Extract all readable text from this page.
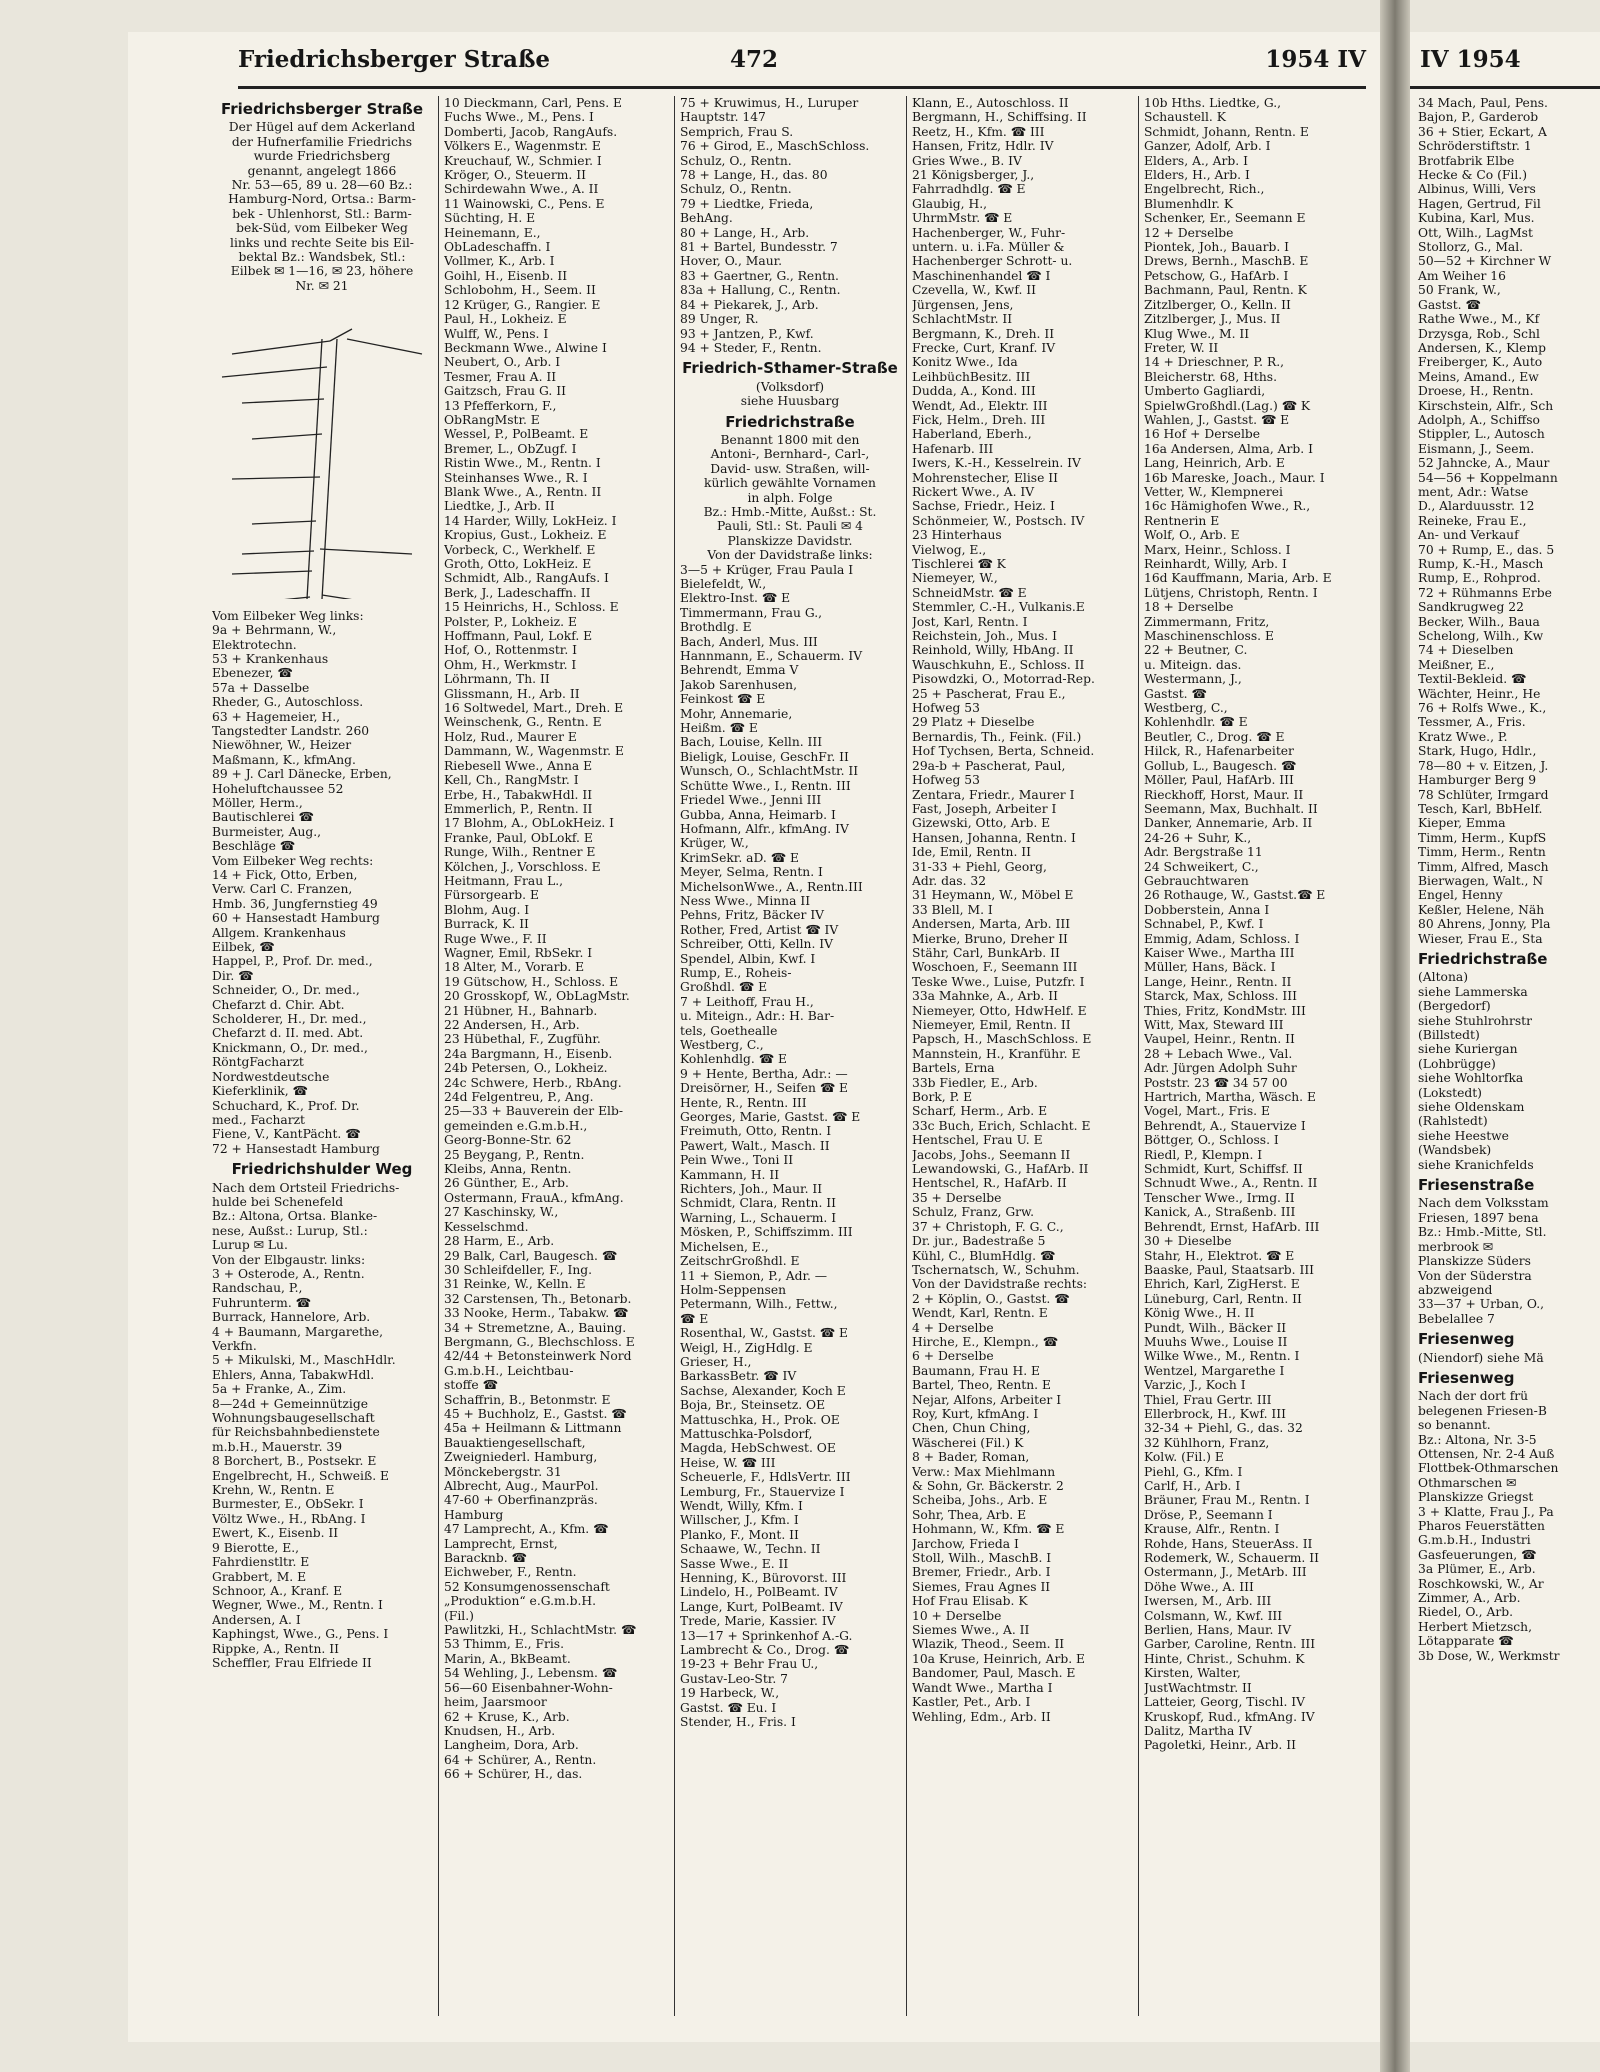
Friedrichsberger Straße	472	1954 IV
Friedrichsberger Straße
Der Hügel auf dem Ackerland
der Hufnerfamilie Friedrichs
wurde Friedrichsberg
genannt, angelegt 1866
Nr. 53—65, 89 u. 28—60 Bz.:
Hamburg-Nord, Ortsa.: Barm-
bek - Uhlenhorst, Stl.: Barm-
bek-Süd, vom Eilbeker Weg
links und rechte Seite bis Eil-
bektal Bz.: Wandsbek, Stl.:
Eilbek ✉ 1—16, ✉ 23, höhere
Nr. ✉ 21
Vom Eilbeker Weg links:
9a + Behrmann, W.,
Elektrotechn.
53 + Krankenhaus
Ebenezer, ☎
57a + Dasselbe
Rheder, G., Autoschloss.
63 + Hagemeier, H.,
Tangstedter Landstr. 260
Niewöhner, W., Heizer
Maßmann, K., kfmAng.
89 + J. Carl Dänecke, Erben,
Hoheluftchaussee 52
Möller, Herm.,
Bautischlerei ☎
Burmeister, Aug.,
Beschläge ☎
Vom Eilbeker Weg rechts:
14 + Fick, Otto, Erben,
Verw. Carl C. Franzen,
Hmb. 36, Jungfernstieg 49
60 + Hansestadt Hamburg
Allgem. Krankenhaus
Eilbek, ☎
Happel, P., Prof. Dr. med.,
Dir. ☎
Schneider, O., Dr. med.,
Chefarzt d. Chir. Abt.
Scholderer, H., Dr. med.,
Chefarzt d. II. med. Abt.
Knickmann, O., Dr. med.,
RöntgFacharzt
Nordwestdeutsche
Kieferklinik, ☎
Schuchard, K., Prof. Dr.
med., Facharzt
Fiene, V., KantPächt. ☎
72 + Hansestadt Hamburg
Friedrichshulder Weg
Nach dem Ortsteil Friedrichs-
hulde bei Schenefeld
Bz.: Altona, Ortsa. Blanke-
nese, Außst.: Lurup, Stl.:
Lurup ✉ Lu.
Von der Elbgaustr. links:
3 + Osterode, A., Rentn.
Randschau, P.,
Fuhrunterm. ☎
Burrack, Hannelore, Arb.
4 + Baumann, Margarethe,
Verkfn.
5 + Mikulski, M., MaschHdlr.
Ehlers, Anna, TabakwHdl.
5a + Franke, A., Zim.
8—24d + Gemeinnützige
Wohnungsbaugesellschaft
für Reichsbahnbedienstete
m.b.H., Mauerstr. 39
8 Borchert, B., Postsekr. E
Engelbrecht, H., Schweiß. E
Krehn, W., Rentn. E
Burmester, E., ObSekr. I
Völtz Wwe., H., RbAng. I
Ewert, K., Eisenb. II
9 Bierotte, E.,
Fahrdienstltr. E
Grabbert, M. E
Schnoor, A., Kranf. E
Wegner, Wwe., M., Rentn. I
Andersen, A. I
Kaphingst, Wwe., G., Pens. I
Rippke, A., Rentn. II
Scheffler, Frau Elfriede II
10 Dieckmann, Carl, Pens. E
Fuchs Wwe., M., Pens. I
Domberti, Jacob, RangAufs.
Völkers E., Wagenmstr. E
Kreuchauf, W., Schmier. I
Kröger, O., Steuerm. II
Schirdewahn Wwe., A. II
11 Wainowski, C., Pens. E
Süchting, H. E
Heinemann, E.,
ObLadeschaffn. I
Vollmer, K., Arb. I
Goihl, H., Eisenb. II
Schlobohm, H., Seem. II
12 Krüger, G., Rangier. E
Paul, H., Lokheiz. E
Wulff, W., Pens. I
Beckmann Wwe., Alwine I
Neubert, O., Arb. I
Tesmer, Frau A. II
Gaitzsch, Frau G. II
13 Pfefferkorn, F.,
ObRangMstr. E
Wessel, P., PolBeamt. E
Bremer, L., ObZugf. I
Ristin Wwe., M., Rentn. I
Steinhanses Wwe., R. I
Blank Wwe., A., Rentn. II
Liedtke, J., Arb. II
14 Harder, Willy, LokHeiz. I
Kropius, Gust., Lokheiz. E
Vorbeck, C., Werkhelf. E
Groth, Otto, LokHeiz. E
Schmidt, Alb., RangAufs. I
Berk, J., Ladeschaffn. II
15 Heinrichs, H., Schloss. E
Polster, P., Lokheiz. E
Hoffmann, Paul, Lokf. E
Hof, O., Rottenmstr. I
Ohm, H., Werkmstr. I
Löhrmann, Th. II
Glissmann, H., Arb. II
16 Soltwedel, Mart., Dreh. E
Weinschenk, G., Rentn. E
Holz, Rud., Maurer E
Dammann, W., Wagenmstr. E
Riebesell Wwe., Anna E
Kell, Ch., RangMstr. I
Erbe, H., TabakwHdl. II
Emmerlich, P., Rentn. II
17 Blohm, A., ObLokHeiz. I
Franke, Paul, ObLokf. E
Runge, Wilh., Rentner E
Kölchen, J., Vorschloss. E
Heitmann, Frau L.,
Fürsorgearb. E
Blohm, Aug. I
Burrack, K. II
Ruge Wwe., F. II
Wagner, Emil, RbSekr. I
18 Alter, M., Vorarb. E
19 Gütschow, H., Schloss. E
20 Grosskopf, W., ObLagMstr.
21 Hübner, H., Bahnarb.
22 Andersen, H., Arb.
23 Hübethal, F., Zugführ.
24a Bargmann, H., Eisenb.
24b Petersen, O., Lokheiz.
24c Schwere, Herb., RbAng.
24d Felgentreu, P., Ang.
25—33 + Bauverein der Elb-
gemeinden e.G.m.b.H.,
Georg-Bonne-Str. 62
25 Beygang, P., Rentn.
Kleibs, Anna, Rentn.
26 Günther, E., Arb.
Ostermann, FrauA., kfmAng.
27 Kaschinsky, W.,
Kesselschmd.
28 Harm, E., Arb.
29 Balk, Carl, Baugesch. ☎
30 Schleifdeller, F., Ing.
31 Reinke, W., Kelln. E
32 Carstensen, Th., Betonarb.
33 Nooke, Herm., Tabakw. ☎
34 + Stremetzne, A., Bauing.
Bergmann, G., Blechschloss. E
42/44 + Betonsteinwerk Nord
G.m.b.H., Leichtbau-
stoffe ☎
Schaffrin, B., Betonmstr. E
45 + Buchholz, E., Gastst. ☎
45a + Heilmann & Littmann
Bauaktiengesellschaft,
Zweigniederl. Hamburg,
Mönckebergstr. 31
Albrecht, Aug., MaurPol.
47-60 + Oberfinanzpräs.
Hamburg
47 Lamprecht, A., Kfm. ☎
Lamprecht, Ernst,
Baracknb. ☎
Eichweber, F., Rentn.
52 Konsumgenossenschaft
„Produktion“ e.G.m.b.H.
(Fil.)
Pawlitzki, H., SchlachtMstr. ☎
53 Thimm, E., Fris.
Marin, A., BkBeamt.
54 Wehling, J., Lebensm. ☎
56—60 Eisenbahner-Wohn-
heim, Jaarsmoor
62 + Kruse, K., Arb.
Knudsen, H., Arb.
Langheim, Dora, Arb.
64 + Schürer, A., Rentn.
66 + Schürer, H., das.
75 + Kruwimus, H., Luruper
Hauptstr. 147
Semprich, Frau S.
76 + Girod, E., MaschSchloss.
Schulz, O., Rentn.
78 + Lange, H., das. 80
Schulz, O., Rentn.
79 + Liedtke, Frieda,
BehAng.
80 + Lange, H., Arb.
81 + Bartel, Bundesstr. 7
Hover, O., Maur.
83 + Gaertner, G., Rentn.
83a + Hallung, C., Rentn.
84 + Piekarek, J., Arb.
89 Unger, R.
93 + Jantzen, P., Kwf.
94 + Steder, F., Rentn.
Friedrich-Sthamer-Straße
(Volksdorf)
siehe Huusbarg
Friedrichstraße
Benannt 1800 mit den
Antoni-, Bernhard-, Carl-,
David- usw. Straßen, will-
kürlich gewählte Vornamen
in alph. Folge
Bz.: Hmb.-Mitte, Außst.: St.
Pauli, Stl.: St. Pauli ✉ 4
Planskizze Davidstr.
Von der Davidstraße links:
3—5 + Krüger, Frau Paula I
Bielefeldt, W.,
Elektro-Inst. ☎ E
Timmermann, Frau G.,
Brothdlg. E
Bach, Anderl, Mus. III
Hannmann, E., Schauerm. IV
Behrendt, Emma V
Jakob Sarenhusen,
Feinkost ☎ E
Mohr, Annemarie,
Heißm. ☎ E
Bach, Louise, Kelln. III
Bieligk, Louise, GeschFr. II
Wunsch, O., SchlachtMstr. II
Schütte Wwe., I., Rentn. III
Friedel Wwe., Jenni III
Gubba, Anna, Heimarb. I
Hofmann, Alfr., kfmAng. IV
Krüger, W.,
KrimSekr. aD. ☎ E
Meyer, Selma, Rentn. I
MichelsonWwe., A., Rentn.III
Ness Wwe., Minna II
Pehns, Fritz, Bäcker IV
Rother, Fred, Artist ☎ IV
Schreiber, Otti, Kelln. IV
Spendel, Albin, Kwf. I
Rump, E., Roheis-
Großhdl. ☎ E
7 + Leithoff, Frau H.,
u. Miteign., Adr.: H. Bar-
tels, Goethealle
Westberg, C.,
Kohlenhdlg. ☎ E
9 + Hente, Bertha, Adr.: —
Dreisörner, H., Seifen ☎ E
Hente, R., Rentn. III
Georges, Marie, Gastst. ☎ E
Freimuth, Otto, Rentn. I
Pawert, Walt., Masch. II
Pein Wwe., Toni II
Kammann, H. II
Richters, Joh., Maur. II
Schmidt, Clara, Rentn. II
Warning, L., Schauerm. I
Mösken, P., Schiffszimm. III
Michelsen, E.,
ZeitschrGroßhdl. E
11 + Siemon, P., Adr. —
Holm-Seppensen
Petermann, Wilh., Fettw.,
☎ E
Rosenthal, W., Gastst. ☎ E
Weigl, H., ZigHdlg. E
Grieser, H.,
BarkassBetr. ☎ IV
Sachse, Alexander, Koch E
Boja, Br., Steinsetz. OE
Mattuschka, H., Prok. OE
Mattuschka-Polsdorf,
Magda, HebSchwest. OE
Heise, W. ☎ III
Scheuerle, F., HdlsVertr. III
Lemburg, Fr., Stauervize I
Wendt, Willy, Kfm. I
Willscher, J., Kfm. I
Planko, F., Mont. II
Schaawe, W., Techn. II
Sasse Wwe., E. II
Henning, K., Bürovorst. III
Lindelo, H., PolBeamt. IV
Lange, Kurt, PolBeamt. IV
Trede, Marie, Kassier. IV
13—17 + Sprinkenhof A.-G.
Lambrecht & Co., Drog. ☎
19-23 + Behr Frau U.,
Gustav-Leo-Str. 7
19 Harbeck, W.,
Gastst. ☎ Eu. I
Stender, H., Fris. I
Klann, E., Autoschloss. II
Bergmann, H., Schiffsing. II
Reetz, H., Kfm. ☎ III
Hansen, Fritz, Hdlr. IV
Gries Wwe., B. IV
21 Königsberger, J.,
Fahrradhdlg. ☎ E
Glaubig, H.,
UhrmMstr. ☎ E
Hachenberger, W., Fuhr-
untern. u. i.Fa. Müller &
Hachenberger Schrott- u.
Maschinenhandel ☎ I
Czevella, W., Kwf. II
Jürgensen, Jens,
SchlachtMstr. II
Bergmann, K., Dreh. II
Frecke, Curt, Kranf. IV
Konitz Wwe., Ida
LeihbüchBesitz. III
Dudda, A., Kond. III
Wendt, Ad., Elektr. III
Fick, Helm., Dreh. III
Haberland, Eberh.,
Hafenarb. III
Iwers, K.-H., Kesselrein. IV
Mohrenstecher, Elise II
Rickert Wwe., A. IV
Sachse, Friedr., Heiz. I
Schönmeier, W., Postsch. IV
23 Hinterhaus
Vielwog, E.,
Tischlerei ☎ K
Niemeyer, W.,
SchneidMstr. ☎ E
Stemmler, C.-H., Vulkanis.E
Jost, Karl, Rentn. I
Reichstein, Joh., Mus. I
Reinhold, Willy, HbAng. II
Wauschkuhn, E., Schloss. II
Pisowdzki, O., Motorrad-Rep.
25 + Pascherat, Frau E.,
Hofweg 53
29 Platz + Dieselbe
Bernardis, Th., Feink. (Fil.)
Hof Tychsen, Berta, Schneid.
29a-b + Pascherat, Paul,
Hofweg 53
Zentara, Friedr., Maurer I
Fast, Joseph, Arbeiter I
Gizewski, Otto, Arb. E
Hansen, Johanna, Rentn. I
Ide, Emil, Rentn. II
31-33 + Piehl, Georg,
Adr. das. 32
31 Heymann, W., Möbel E
33 Blell, M. I
Andersen, Marta, Arb. III
Mierke, Bruno, Dreher II
Stähr, Carl, BunkArb. II
Woschoen, F., Seemann III
Teske Wwe., Luise, Putzfr. I
33a Mahnke, A., Arb. II
Niemeyer, Otto, HdwHelf. E
Niemeyer, Emil, Rentn. II
Papsch, H., MaschSchloss. E
Mannstein, H., Kranführ. E
Bartels, Erna
33b Fiedler, E., Arb.
Bork, P. E
Scharf, Herm., Arb. E
33c Buch, Erich, Schlacht. E
Hentschel, Frau U. E
Jacobs, Johs., Seemann II
Lewandowski, G., HafArb. II
Hentschel, R., HafArb. II
35 + Derselbe
Schulz, Franz, Grw.
37 + Christoph, F. G. C.,
Dr. jur., Badestraße 5
Kühl, C., BlumHdlg. ☎
Tschernatsch, W., Schuhm.
Von der Davidstraße rechts:
2 + Köplin, O., Gastst. ☎
Wendt, Karl, Rentn. E
4 + Derselbe
Hirche, E., Klempn., ☎
6 + Derselbe
Baumann, Frau H. E
Bartel, Theo, Rentn. E
Nejar, Alfons, Arbeiter I
Roy, Kurt, kfmAng. I
Chen, Chun Ching,
Wäscherei (Fil.) K
8 + Bader, Roman,
Verw.: Max Miehlmann
& Sohn, Gr. Bäckerstr. 2
Scheiba, Johs., Arb. E
Sohr, Thea, Arb. E
Hohmann, W., Kfm. ☎ E
Jarchow, Frieda I
Stoll, Wilh., MaschB. I
Bremer, Friedr., Arb. I
Siemes, Frau Agnes II
Hof Frau Elisab. K
10 + Derselbe
Siemes Wwe., A. II
Wlazik, Theod., Seem. II
10a Kruse, Heinrich, Arb. E
Bandomer, Paul, Masch. E
Wandt Wwe., Martha I
Kastler, Pet., Arb. I
Wehling, Edm., Arb. II
10b Hths. Liedtke, G.,
Schaustell. K
Schmidt, Johann, Rentn. E
Ganzer, Adolf, Arb. I
Elders, A., Arb. I
Elders, H., Arb. I
Engelbrecht, Rich.,
Blumenhdlr. K
Schenker, Er., Seemann E
12 + Derselbe
Piontek, Joh., Bauarb. I
Drews, Bernh., MaschB. E
Petschow, G., HafArb. I
Bachmann, Paul, Rentn. K
Zitzlberger, O., Kelln. II
Zitzlberger, J., Mus. II
Klug Wwe., M. II
Freter, W. II
14 + Drieschner, P. R.,
Bleicherstr. 68, Hths.
Umberto Gagliardi,
SpielwGroßhdl.(Lag.) ☎ K
Wahlen, J., Gastst. ☎ E
16 Hof + Derselbe
16a Andersen, Alma, Arb. I
Lang, Heinrich, Arb. E
16b Mareske, Joach., Maur. I
Vetter, W., Klempnerei
16c Hämighofen Wwe., R.,
Rentnerin E
Wolf, O., Arb. E
Marx, Heinr., Schloss. I
Reinhardt, Willy, Arb. I
16d Kauffmann, Maria, Arb. E
Lütjens, Christoph, Rentn. I
18 + Derselbe
Zimmermann, Fritz,
Maschinenschloss. E
22 + Beutner, C.
u. Miteign. das.
Westermann, J.,
Gastst. ☎
Westberg, C.,
Kohlenhdlr. ☎ E
Beutler, C., Drog. ☎ E
Hilck, R., Hafenarbeiter
Gollub, L., Baugesch. ☎
Möller, Paul, HafArb. III
Rieckhoff, Horst, Maur. II
Seemann, Max, Buchhalt. II
Danker, Annemarie, Arb. II
24-26 + Suhr, K.,
Adr. Bergstraße 11
24 Schweikert, C.,
Gebrauchtwaren
26 Rothauge, W., Gastst.☎ E
Dobberstein, Anna I
Schnabel, P., Kwf. I
Emmig, Adam, Schloss. I
Kaiser Wwe., Martha III
Müller, Hans, Bäck. I
Lange, Heinr., Rentn. II
Starck, Max, Schloss. III
Thies, Fritz, KondMstr. III
Witt, Max, Steward III
Vaupel, Heinr., Rentn. II
28 + Lebach Wwe., Val.
Adr. Jürgen Adolph Suhr
Poststr. 23 ☎ 34 57 00
Hartrich, Martha, Wäsch. E
Vogel, Mart., Fris. E
Behrendt, A., Stauervize I
Böttger, O., Schloss. I
Riedl, P., Klempn. I
Schmidt, Kurt, Schiffsf. II
Schnudt Wwe., A., Rentn. II
Tenscher Wwe., Irmg. II
Kanick, A., Straßenb. III
Behrendt, Ernst, HafArb. III
30 + Dieselbe
Stahr, H., Elektrot. ☎ E
Baaske, Paul, Staatsarb. III
Ehrich, Karl, ZigHerst. E
Lüneburg, Carl, Rentn. II
König Wwe., H. II
Pundt, Wilh., Bäcker II
Muuhs Wwe., Louise II
Wilke Wwe., M., Rentn. I
Wentzel, Margarethe I
Varzic, J., Koch I
Thiel, Frau Gertr. III
Ellerbrock, H., Kwf. III
32-34 + Piehl, G., das. 32
32 Kühlhorn, Franz,
Kolw. (Fil.) E
Piehl, G., Kfm. I
Carlf, H., Arb. I
Bräuner, Frau M., Rentn. I
Dröse, P., Seemann I
Krause, Alfr., Rentn. I
Rohde, Hans, SteuerAss. II
Rodemerk, W., Schauerm. II
Ostermann, J., MetArb. III
Döhe Wwe., A. III
Iwersen, M., Arb. III
Colsmann, W., Kwf. III
Berlien, Hans, Maur. IV
Garber, Caroline, Rentn. III
Hinte, Christ., Schuhm. K
Kirsten, Walter,
JustWachtmstr. II
Latteier, Georg, Tischl. IV
Kruskopf, Rud., kfmAng. IV
Dalitz, Martha IV
Pagoletki, Heinr., Arb. II
IV 1954
34 Mach, Paul, Pens.
Bajon, P., Garderob
36 + Stier, Eckart, A
Schröderstiftstr. 1
Brotfabrik Elbe
Hecke & Co (Fil.)
Albinus, Willi, Vers
Hagen, Gertrud, Fil
Kubina, Karl, Mus.
Ott, Wilh., LagMst
Stollorz, G., Mal.
50—52 + Kirchner W
Am Weiher 16
50 Frank, W.,
Gastst. ☎
Rathe Wwe., M., Kf
Drzysga, Rob., Schl
Andersen, K., Klemp
Freiberger, K., Auto
Meins, Amand., Ew
Droese, H., Rentn.
Kirschstein, Alfr., Sch
Adolph, A., Schiffso
Stippler, L., Autosch
Eismann, J., Seem.
52 Jahncke, A., Maur
54—56 + Koppelmann
ment, Adr.: Watse
D., Alarduusstr. 12
Reineke, Frau E.,
An- und Verkauf
70 + Rump, E., das. 5
Rump, K.-H., Masch
Rump, E., Rohprod.
72 + Rühmanns Erbe
Sandkrugweg 22
Becker, Wilh., Baua
Schelong, Wilh., Kw
74 + Dieselben
Meißner, E.,
Textil-Bekleid. ☎
Wächter, Heinr., He
76 + Rolfs Wwe., K.,
Tessmer, A., Fris.
Kratz Wwe., P.
Stark, Hugo, Hdlr.,
78—80 + v. Eitzen, J.
Hamburger Berg 9
78 Schlüter, Irmgard
Tesch, Karl, BbHelf.
Kieper, Emma
Timm, Herm., KupfS
Timm, Herm., Rentn
Timm, Alfred, Masch
Bierwagen, Walt., N
Engel, Henny
Keßler, Helene, Näh
80 Ahrens, Jonny, Pla
Wieser, Frau E., Sta
Friedrichstraße
(Altona)
siehe Lammerska
(Bergedorf)
siehe Stuhlrohrstr
(Billstedt)
siehe Kuriergan
(Lohbrügge)
siehe Wohltorfka
(Lokstedt)
siehe Oldenskam
(Rahlstedt)
siehe Heestwe
(Wandsbek)
siehe Kranichfelds
Friesenstraße
Nach dem Volksstam
Friesen, 1897 bena
Bz.: Hmb.-Mitte, Stl.
merbrook ✉
Planskizze Süders
Von der Süderstra
abzweigend
33—37 + Urban, O.,
Bebelallee 7
Friesenweg
(Niendorf) siehe Mä
Friesenweg
Nach der dort frü
belegenen Friesen-B
so benannt.
Bz.: Altona, Nr. 3-5
Ottensen, Nr. 2-4 Auß
Flottbek-Othmarschen
Othmarschen ✉
Planskizze Griegst
3 + Klatte, Frau J., Pa
Pharos Feuerstätten
G.m.b.H., Industri
Gasfeuerungen, ☎
3a Plümer, E., Arb.
Roschkowski, W., Ar
Zimmer, A., Arb.
Riedel, O., Arb.
Herbert Mietzsch,
Lötapparate ☎
3b Dose, W., Werkmstr
